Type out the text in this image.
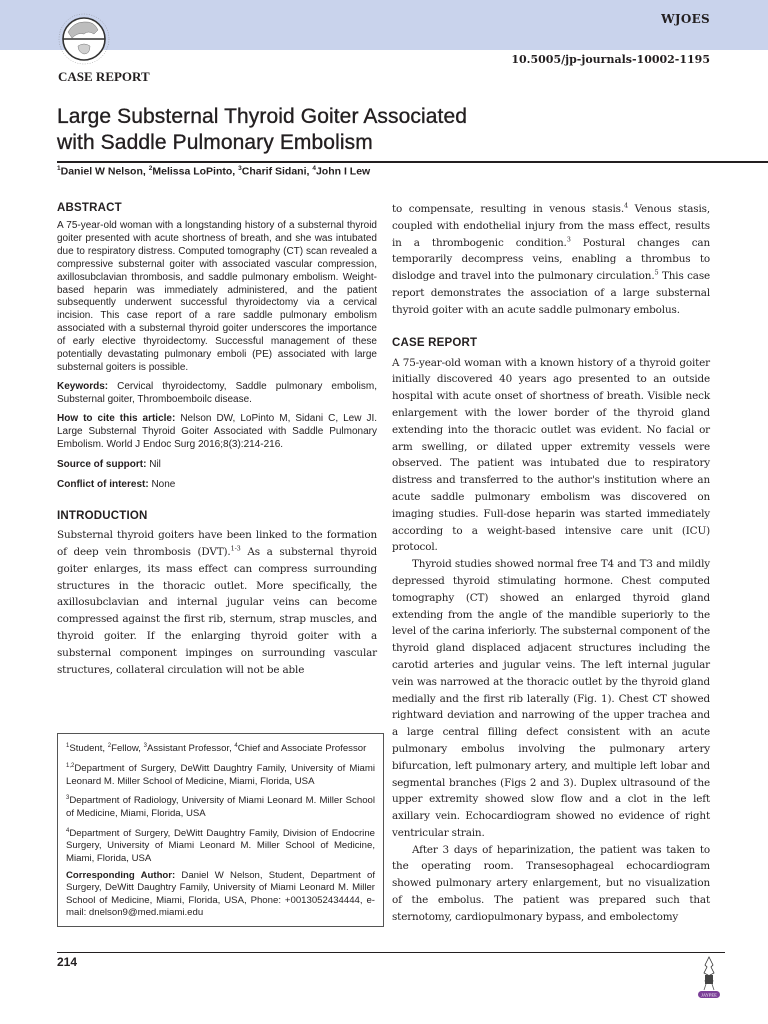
WJOES
10.5005/jp-journals-10002-1195
CASE REPORT
Large Substernal Thyroid Goiter Associated
with Saddle Pulmonary Embolism
$^1$Daniel W Nelson, $^2$Melissa LoPinto, $^3$Charif Sidani, $^4$John I Lew
ABSTRACT

A 75-year-old woman with a longstanding history of a substernal thyroid goiter presented with acute shortness of breath, and she was intubated due to respiratory distress. Computed tomography (CT) scan revealed a compressive substernal goiter with associated vascular compression, axillosubclavian thrombosis, and saddle pulmonary embolism. Weight-based heparin was immediately administered, and the patient subsequently underwent successful thyroidectomy via a cervical incision. This case report of a rare saddle pulmonary embolism associated with a substernal thyroid goiter underscores the importance of early elective thyroidectomy. Successful management of these potentially devastating pulmonary emboli (PE) associated with large substernal goiters is possible.

Keywords: Cervical thyroidectomy, Saddle pulmonary embolism, Substernal goiter, Thromboemboilc disease.

How to cite this article: Nelson DW, LoPinto M, Sidani C, Lew JI. Large Substernal Thyroid Goiter Associated with Saddle Pulmonary Embolism. World J Endoc Surg 2016;8(3):214-216.

Source of support: Nil

Conflict of interest: None

INTRODUCTION

Substernal thyroid goiters have been linked to the formation of deep vein thrombosis (DVT).$^{1-3}$ As a substernal thyroid goiter enlarges, its mass effect can compress surrounding structures in the thoracic outlet. More specifically, the axillosubclavian and internal jugular veins can become compressed against the first rib, sternum, strap muscles, and thyroid goiter. If the enlarging thyroid goiter with a substernal component impinges on surrounding vascular structures, collateral circulation will not be able

$^1$Student, $^2$Fellow, $^3$Assistant Professor, $^4$Chief and Associate Professor

$^{1,2}$Department of Surgery, DeWitt Daughtry Family, University of Miami Leonard M. Miller School of Medicine, Miami, Florida, USA

$^3$Department of Radiology, University of Miami Leonard M. Miller School of Medicine, Miami, Florida, USA

$^4$Department of Surgery, DeWitt Daughtry Family, Division of Endocrine Surgery, University of Miami Leonard M. Miller School of Medicine, Miami, Florida, USA

Corresponding Author: Daniel W Nelson, Student, Department of Surgery, DeWitt Daughtry Family, University of Miami Leonard M. Miller School of Medicine, Miami, Florida, USA, Phone: +0013052434444, e-mail: dnelson9@med.miami.edu

to compensate, resulting in venous stasis.$^4$ Venous stasis, coupled with endothelial injury from the mass effect, results in a thrombogenic condition.$^3$ Postural changes can temporarily decompress veins, enabling a thrombus to dislodge and travel into the pulmonary circulation.$^5$ This case report demonstrates the association of a large substernal thyroid goiter with an acute saddle pulmonary embolus.

CASE REPORT

A 75-year-old woman with a known history of a thyroid goiter initially discovered 40 years ago presented to an outside hospital with acute onset of shortness of breath. Visible neck enlargement with the lower border of the thyroid gland extending into the thoracic outlet was evident. No facial or arm swelling, or dilated upper extremity vessels were observed. The patient was intubated due to respiratory distress and transferred to the author's institution where an acute saddle pulmonary embolism was discovered on imaging studies. Full-dose heparin was started immediately according to a weight-based intensive care unit (ICU) protocol.

Thyroid studies showed normal free T4 and T3 and mildly depressed thyroid stimulating hormone. Chest computed tomography (CT) showed an enlarged thyroid gland extending from the angle of the mandible superiorly to the level of the carina inferiorly. The substernal component of the thyroid gland displaced adjacent structures including the carotid arteries and jugular veins. The left internal jugular vein was narrowed at the thoracic outlet by the thyroid gland medially and the first rib laterally (Fig. 1). Chest CT showed rightward deviation and narrowing of the upper trachea and a large central filling defect consistent with an acute pulmonary embolus involving the pulmonary artery bifurcation, left pulmonary artery, and multiple left lobar and segmental branches (Figs 2 and 3). Duplex ultrasound of the upper extremity showed slow flow and a clot in the left axillary vein. Echocardiogram showed no evidence of right ventricular strain.

After 3 days of heparinization, the patient was taken to the operating room. Transesophageal echocardiogram showed pulmonary artery enlargement, but no visualization of the embolus. The patient was prepared such that sternotomy, cardiopulmonary bypass, and embolectomy

214
JAYPEE
